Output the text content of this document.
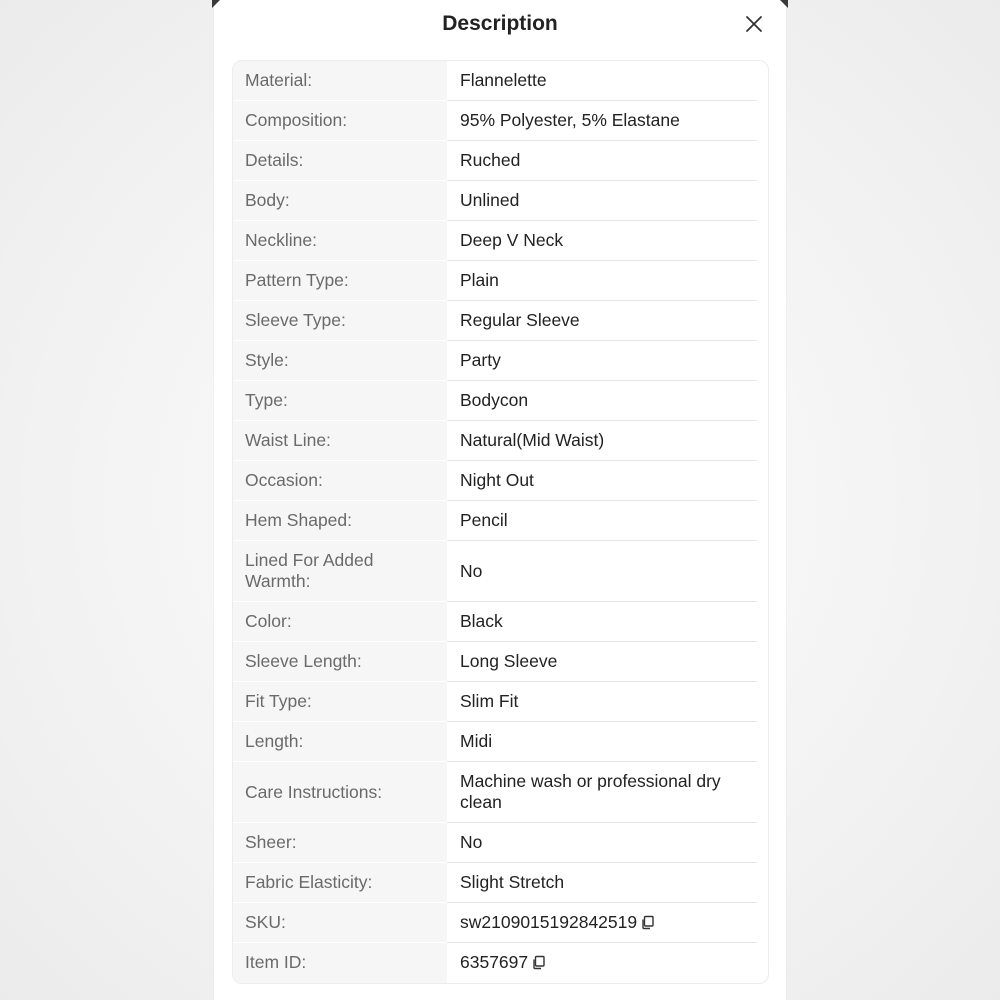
Description
Material:	Flannelette
Composition:	95% Polyester, 5% Elastane
Details:	Ruched
Body:	Unlined
Neckline:	Deep V Neck
Pattern Type:	Plain
Sleeve Type:	Regular Sleeve
Style:	Party
Type:	Bodycon
Waist Line:	Natural(Mid Waist)
Occasion:	Night Out
Hem Shaped:	Pencil
Lined For Added Warmth:
No
Color:	Black
Sleeve Length:	Long Sleeve
Fit Type:	Slim Fit
Length:	Midi
Care Instructions:
Machine wash or professional dry clean
Sheer:	No
Fabric Elasticity:	Slight Stretch
SKU:	sw2109015192842519
Item ID:	6357697
